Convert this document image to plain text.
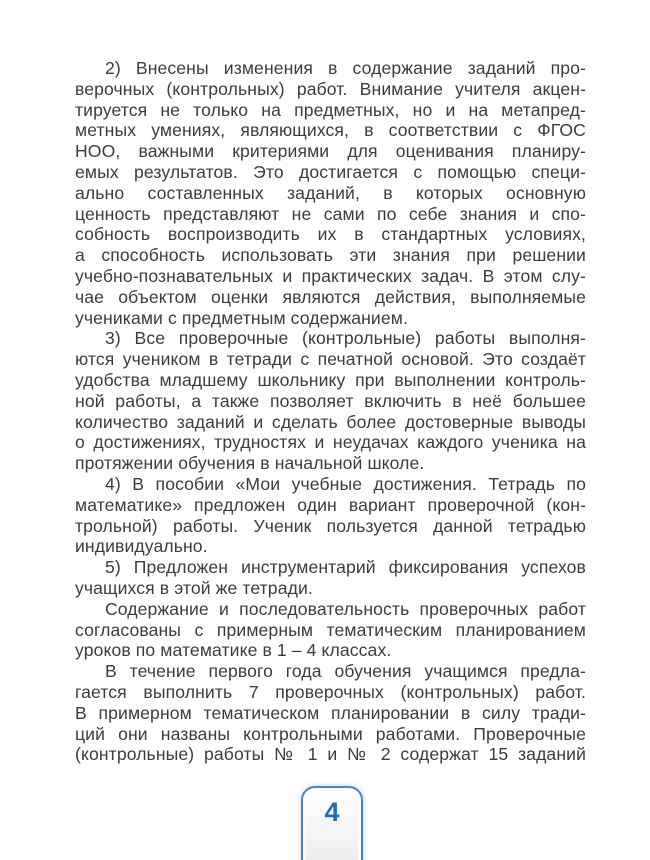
2) Внесены изменения в содержание заданий про-
верочных (контрольных) работ. Внимание учителя акцен-
тируется не только на предметных, но и на метапред-
метных умениях, являющихся, в соответствии с ФГОС
НОО, важными критериями для оценивания планиру-
емых результатов. Это достигается с помощью специ-
ально составленных заданий, в которых основную
ценность представляют не сами по себе знания и спо-
собность воспроизводить их в стандартных условиях,
а способность использовать эти знания при решении
учебно-познавательных и практических задач. В этом слу-
чае объектом оценки являются действия, выполняемые
учениками с предметным содержанием.
3) Все проверочные (контрольные) работы выполня-
ются учеником в тетради с печатной основой. Это создаёт
удобства младшему школьнику при выполнении контроль-
ной работы, а также позволяет включить в неё большее
количество заданий и сделать более достоверные выводы
о достижениях, трудностях и неудачах каждого ученика на
протяжении обучения в начальной школе.
4) В пособии «Мои учебные достижения. Тетрадь по
математике» предложен один вариант проверочной (кон-
трольной) работы. Ученик пользуется данной тетрадью
индивидуально.
5) Предложен инструментарий фиксирования успехов
учащихся в этой же тетради.
Содержание и последовательность проверочных работ
согласованы с примерным тематическим планированием
уроков по математике в 1 – 4 классах.
В течение первого года обучения учащимся предла-
гается выполнить 7 проверочных (контрольных) работ.
В примерном тематическом планировании в силу тради-
ций они названы контрольными работами. Проверочные
(контрольные) работы № 1 и № 2 содержат 15 заданий
4
